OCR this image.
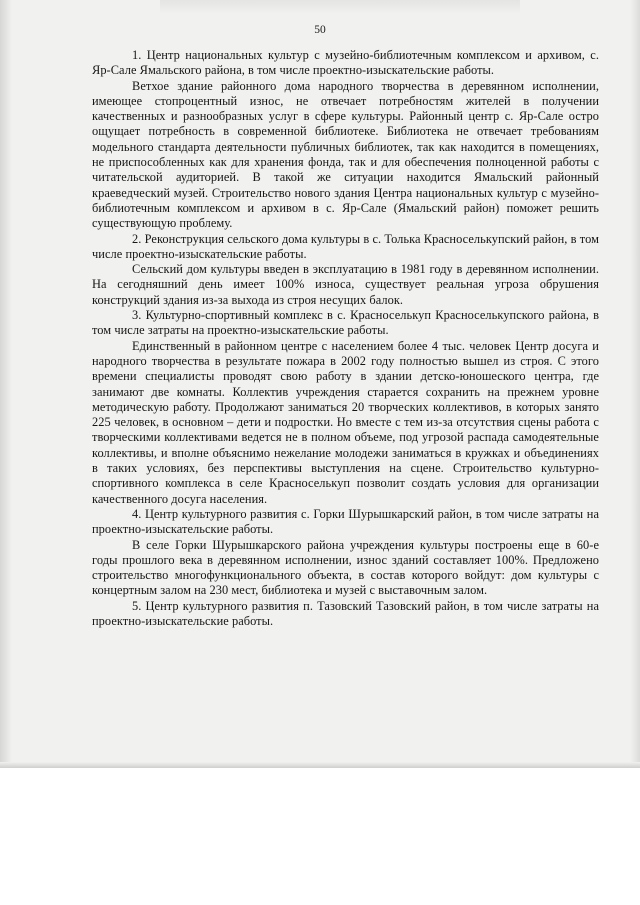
50

1. Центр национальных культур с музейно-библиотечным комплексом и архивом, с. Яр-Сале Ямальского района, в том числе проектно-изыскательские работы.

Ветхое здание районного дома народного творчества в деревянном исполнении, имеющее стопроцентный износ, не отвечает потребностям жителей в получении качественных и разнообразных услуг в сфере культуры. Районный центр с. Яр-Сале остро ощущает потребность в современной библиотеке. Библиотека не отвечает требованиям модельного стандарта деятельности публичных библиотек, так как находится в помещениях, не приспособленных как для хранения фонда, так и для обеспечения полноценной работы с читательской аудиторией. В такой же ситуации находится Ямальский районный краеведческий музей. Строительство нового здания Центра национальных культур с музейно-библиотечным комплексом и архивом в с. Яр-Сале (Ямальский район) поможет решить существующую проблему.

2. Реконструкция сельского дома культуры в с. Толька Красноселькупский район, в том числе проектно-изыскательские работы.

Сельский дом культуры введен в эксплуатацию в 1981 году в деревянном исполнении. На сегодняшний день имеет 100% износа, существует реальная угроза обрушения конструкций здания из-за выхода из строя несущих балок.

3. Культурно-спортивный комплекс в с. Красноселькуп Красноселькупского района, в том числе затраты на проектно-изыскательские работы.

Единственный в районном центре с населением более 4 тыс. человек Центр досуга и народного творчества в результате пожара в 2002 году полностью вышел из строя. С этого времени специалисты проводят свою работу в здании детско-юношеского центра, где занимают две комнаты. Коллектив учреждения старается сохранить на прежнем уровне методическую работу. Продолжают заниматься 20 творческих коллективов, в которых занято 225 человек, в основном – дети и подростки. Но вместе с тем из-за отсутствия сцены работа с творческими коллективами ведется не в полном объеме, под угрозой распада самодеятельные коллективы, и вполне объяснимо нежелание молодежи заниматься в кружках и объединениях в таких условиях, без перспективы выступления на сцене. Строительство культурно-спортивного комплекса в селе Красноселькуп позволит создать условия для организации качественного досуга населения.

4. Центр культурного развития с. Горки Шурышкарский район, в том числе затраты на проектно-изыскательские работы.

В селе Горки Шурышкарского района учреждения культуры построены еще в 60-е годы прошлого века в деревянном исполнении, износ зданий составляет 100%. Предложено строительство многофункционального объекта, в состав которого войдут: дом культуры с концертным залом на 230 мест, библиотека и музей с выставочным залом.

5. Центр культурного развития п. Тазовский Тазовский район, в том числе затраты на проектно-изыскательские работы.
